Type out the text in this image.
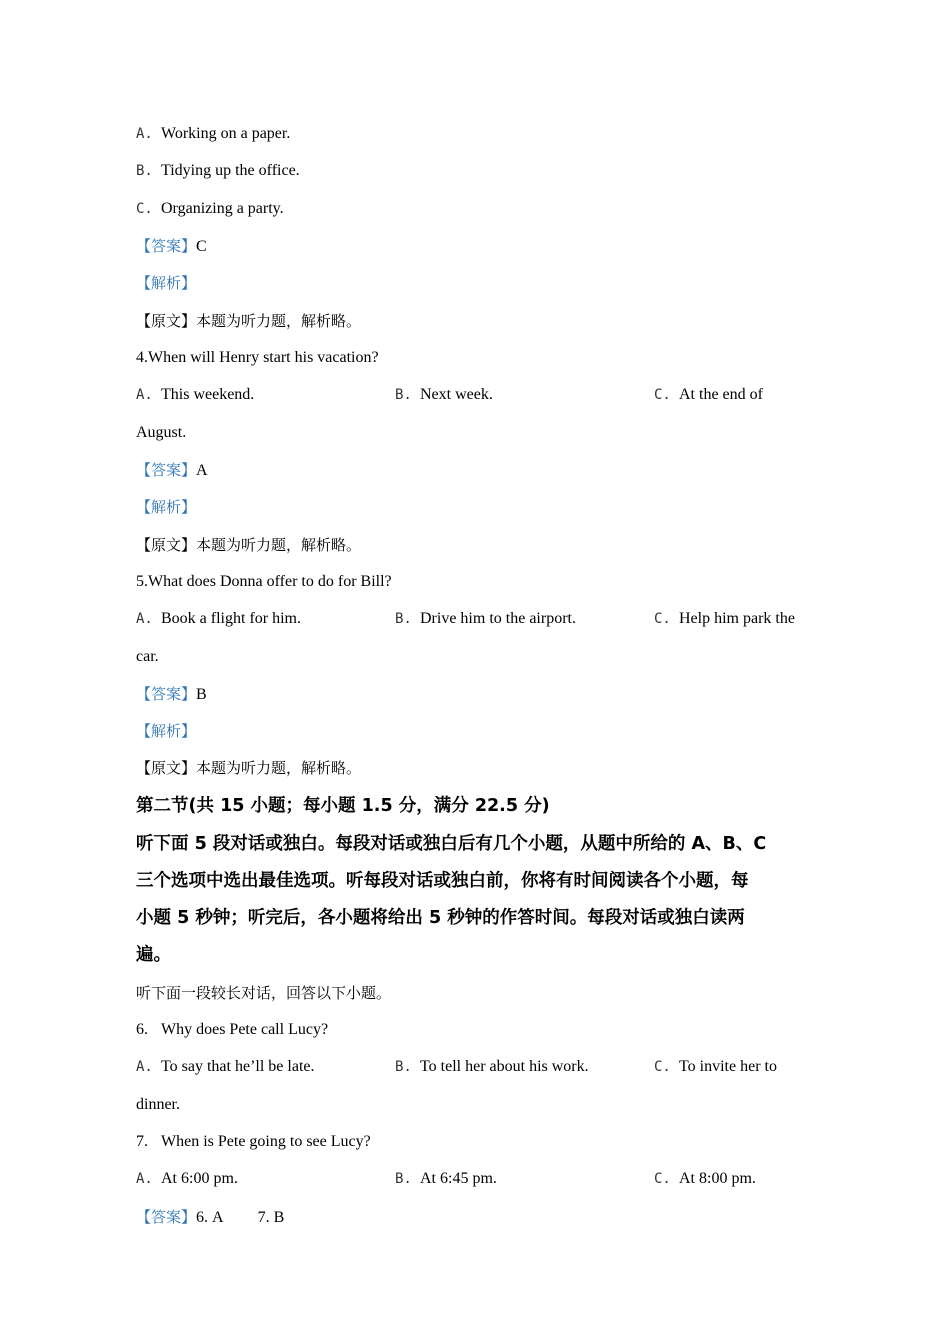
A. Working on a paper.
B. Tidying up the office.
C. Organizing a party.
【答案】C
【解析】
【原文】本题为听力题，解析略。
4.When will Henry start his vacation?
A. This weekend.	B. Next week.	C. At the end of
August.
【答案】A
【解析】
【原文】本题为听力题，解析略。
5.What does Donna offer to do for Bill?
A. Book a flight for him.	B. Drive him to the airport.	C. Help him park the
car.
【答案】B
【解析】
【原文】本题为听力题，解析略。
第二节(共 15 小题；每小题 1.5 分，满分 22.5 分)
听下面 5 段对话或独白。每段对话或独白后有几个小题，从题中所给的 A、B、C
三个选项中选出最佳选项。听每段对话或独白前，你将有时间阅读各个小题，每
小题 5 秒钟；听完后，各小题将给出 5 秒钟的作答时间。每段对话或独白读两
遍。
听下面一段较长对话，回答以下小题。
6. Why does Pete call Lucy?
A. To say that he’ll be late.	B. To tell her about his work.	C. To invite her to
dinner.
7. When is Pete going to see Lucy?
A. At 6:00 pm.	B. At 6:45 pm.	C. At 8:00 pm.
【答案】6. A 7. B
